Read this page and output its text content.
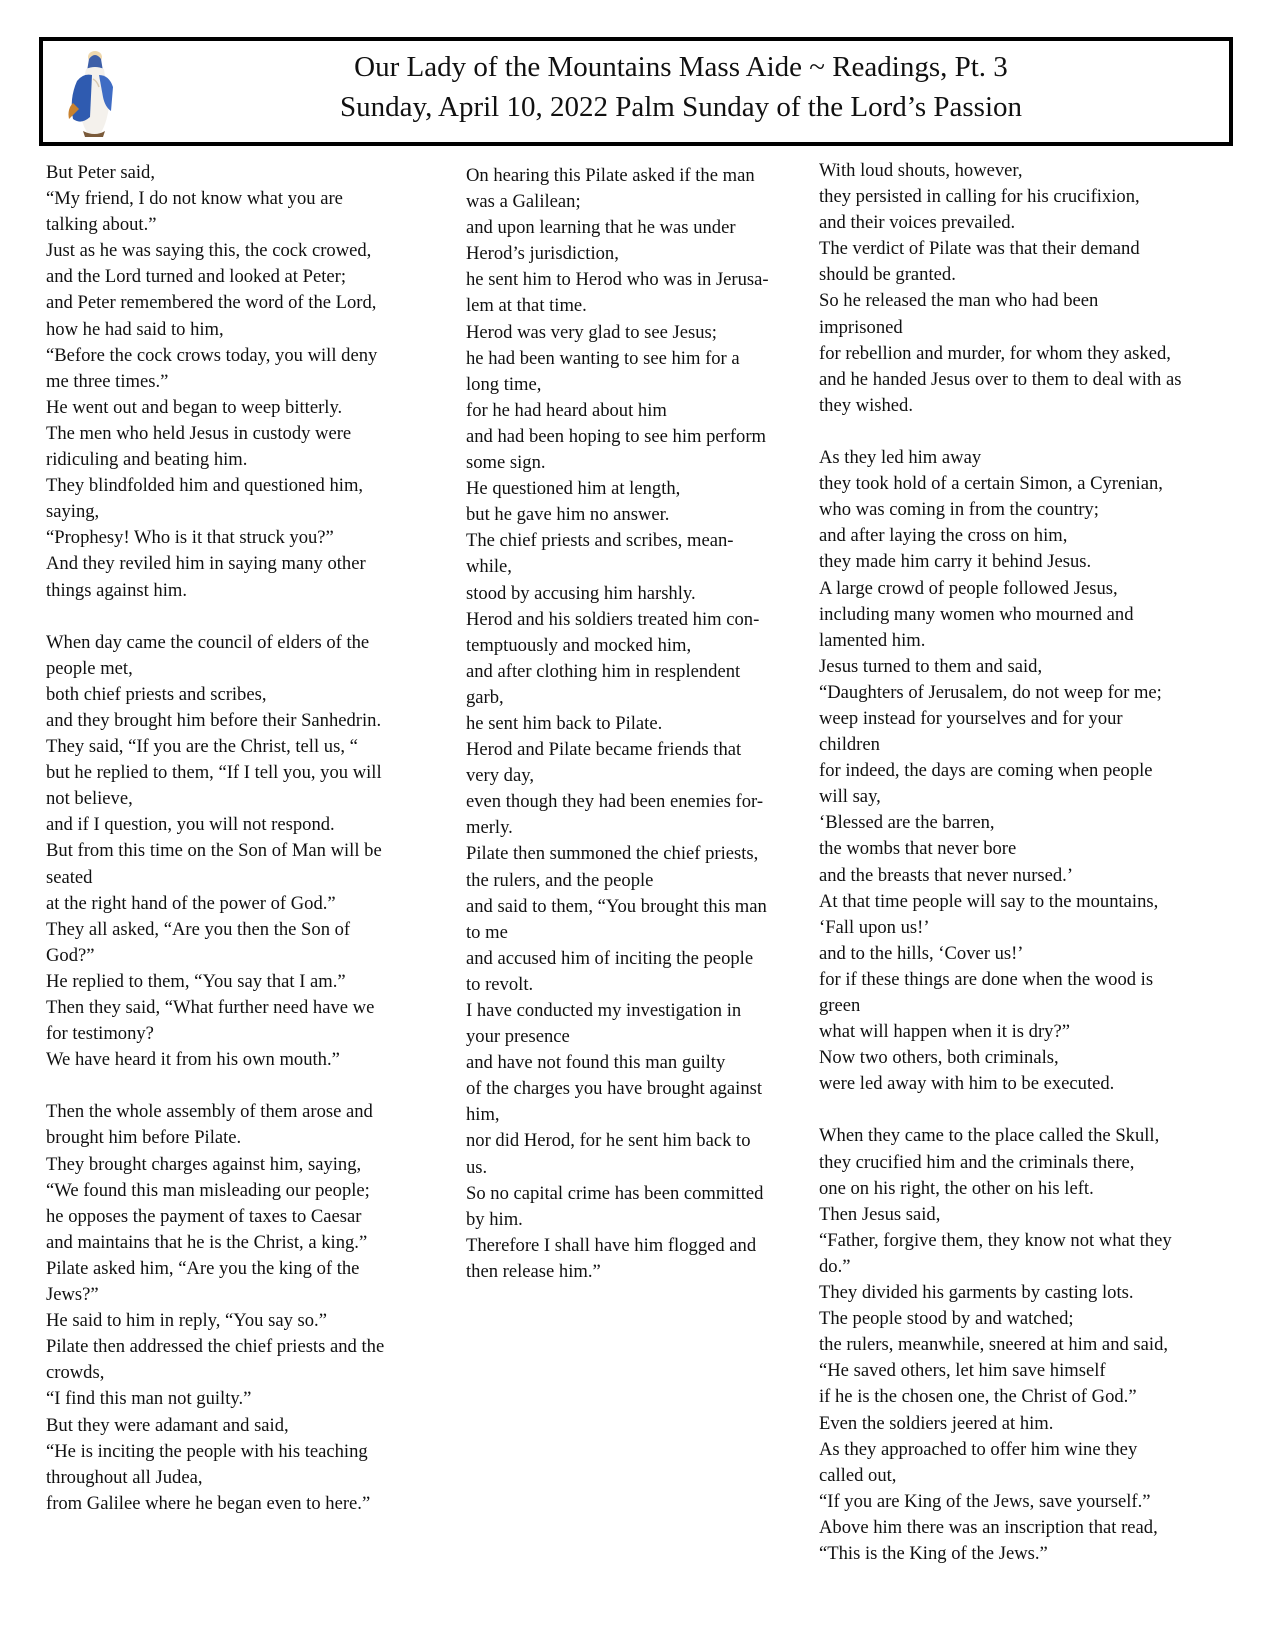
Our Lady of the Mountains Mass Aide ~ Readings, Pt. 3
Sunday, April 10, 2022 Palm Sunday of the Lord’s Passion
But Peter said,
“My friend, I do not know what you are
talking about.”
Just as he was saying this, the cock crowed,
and the Lord turned and looked at Peter;
and Peter remembered the word of the Lord,
how he had said to him,
“Before the cock crows today, you will deny
me three times.”
He went out and began to weep bitterly.
The men who held Jesus in custody were
ridiculing and beating him.
They blindfolded him and questioned him,
saying,
“Prophesy! Who is it that struck you?”
And they reviled him in saying many other
things against him.
When day came the council of elders of the
people met,
both chief priests and scribes,
and they brought him before their Sanhedrin.
They said, “If you are the Christ, tell us, “
but he replied to them, “If I tell you, you will
not believe,
and if I question, you will not respond.
But from this time on the Son of Man will be
seated
at the right hand of the power of God.”
They all asked, “Are you then the Son of
God?”
He replied to them, “You say that I am.”
Then they said, “What further need have we
for testimony?
We have heard it from his own mouth.”
Then the whole assembly of them arose and
brought him before Pilate.
They brought charges against him, saying,
“We found this man misleading our people;
he opposes the payment of taxes to Caesar
and maintains that he is the Christ, a king.”
Pilate asked him, “Are you the king of the
Jews?”
He said to him in reply, “You say so.”
Pilate then addressed the chief priests and the
crowds,
“I find this man not guilty.”
But they were adamant and said,
“He is inciting the people with his teaching
throughout all Judea,
from Galilee where he began even to here.”
On hearing this Pilate asked if the man
was a Galilean;
and upon learning that he was under
Herod’s jurisdiction,
he sent him to Herod who was in Jerusa-
lem at that time.
Herod was very glad to see Jesus;
he had been wanting to see him for a
long time,
for he had heard about him
and had been hoping to see him perform
some sign.
He questioned him at length,
but he gave him no answer.
The chief priests and scribes, mean-
while,
stood by accusing him harshly.
Herod and his soldiers treated him con-
temptuously and mocked him,
and after clothing him in resplendent
garb,
he sent him back to Pilate.
Herod and Pilate became friends that
very day,
even though they had been enemies for-
merly.
Pilate then summoned the chief priests,
the rulers, and the people
and said to them, “You brought this man
to me
and accused him of inciting the people
to revolt.
I have conducted my investigation in
your presence
and have not found this man guilty
of the charges you have brought against
him,
nor did Herod, for he sent him back to
us.
So no capital crime has been committed
by him.
Therefore I shall have him flogged and
then release him.”
With loud shouts, however,
they persisted in calling for his crucifixion,
and their voices prevailed.
The verdict of Pilate was that their demand
should be granted.
So he released the man who had been
imprisoned
for rebellion and murder, for whom they asked,
and he handed Jesus over to them to deal with as
they wished.
As they led him away
they took hold of a certain Simon, a Cyrenian,
who was coming in from the country;
and after laying the cross on him,
they made him carry it behind Jesus.
A large crowd of people followed Jesus,
including many women who mourned and
lamented him.
Jesus turned to them and said,
“Daughters of Jerusalem, do not weep for me;
weep instead for yourselves and for your
children
for indeed, the days are coming when people
will say,
‘Blessed are the barren,
the wombs that never bore
and the breasts that never nursed.’
At that time people will say to the mountains,
‘Fall upon us!’
and to the hills, ‘Cover us!’
for if these things are done when the wood is
green
what will happen when it is dry?”
Now two others, both criminals,
were led away with him to be executed.
When they came to the place called the Skull,
they crucified him and the criminals there,
one on his right, the other on his left.
Then Jesus said,
“Father, forgive them, they know not what they
do.”
They divided his garments by casting lots.
The people stood by and watched;
the rulers, meanwhile, sneered at him and said,
“He saved others, let him save himself
if he is the chosen one, the Christ of God.”
Even the soldiers jeered at him.
As they approached to offer him wine they
called out,
“If you are King of the Jews, save yourself.”
Above him there was an inscription that read,
“This is the King of the Jews.”
